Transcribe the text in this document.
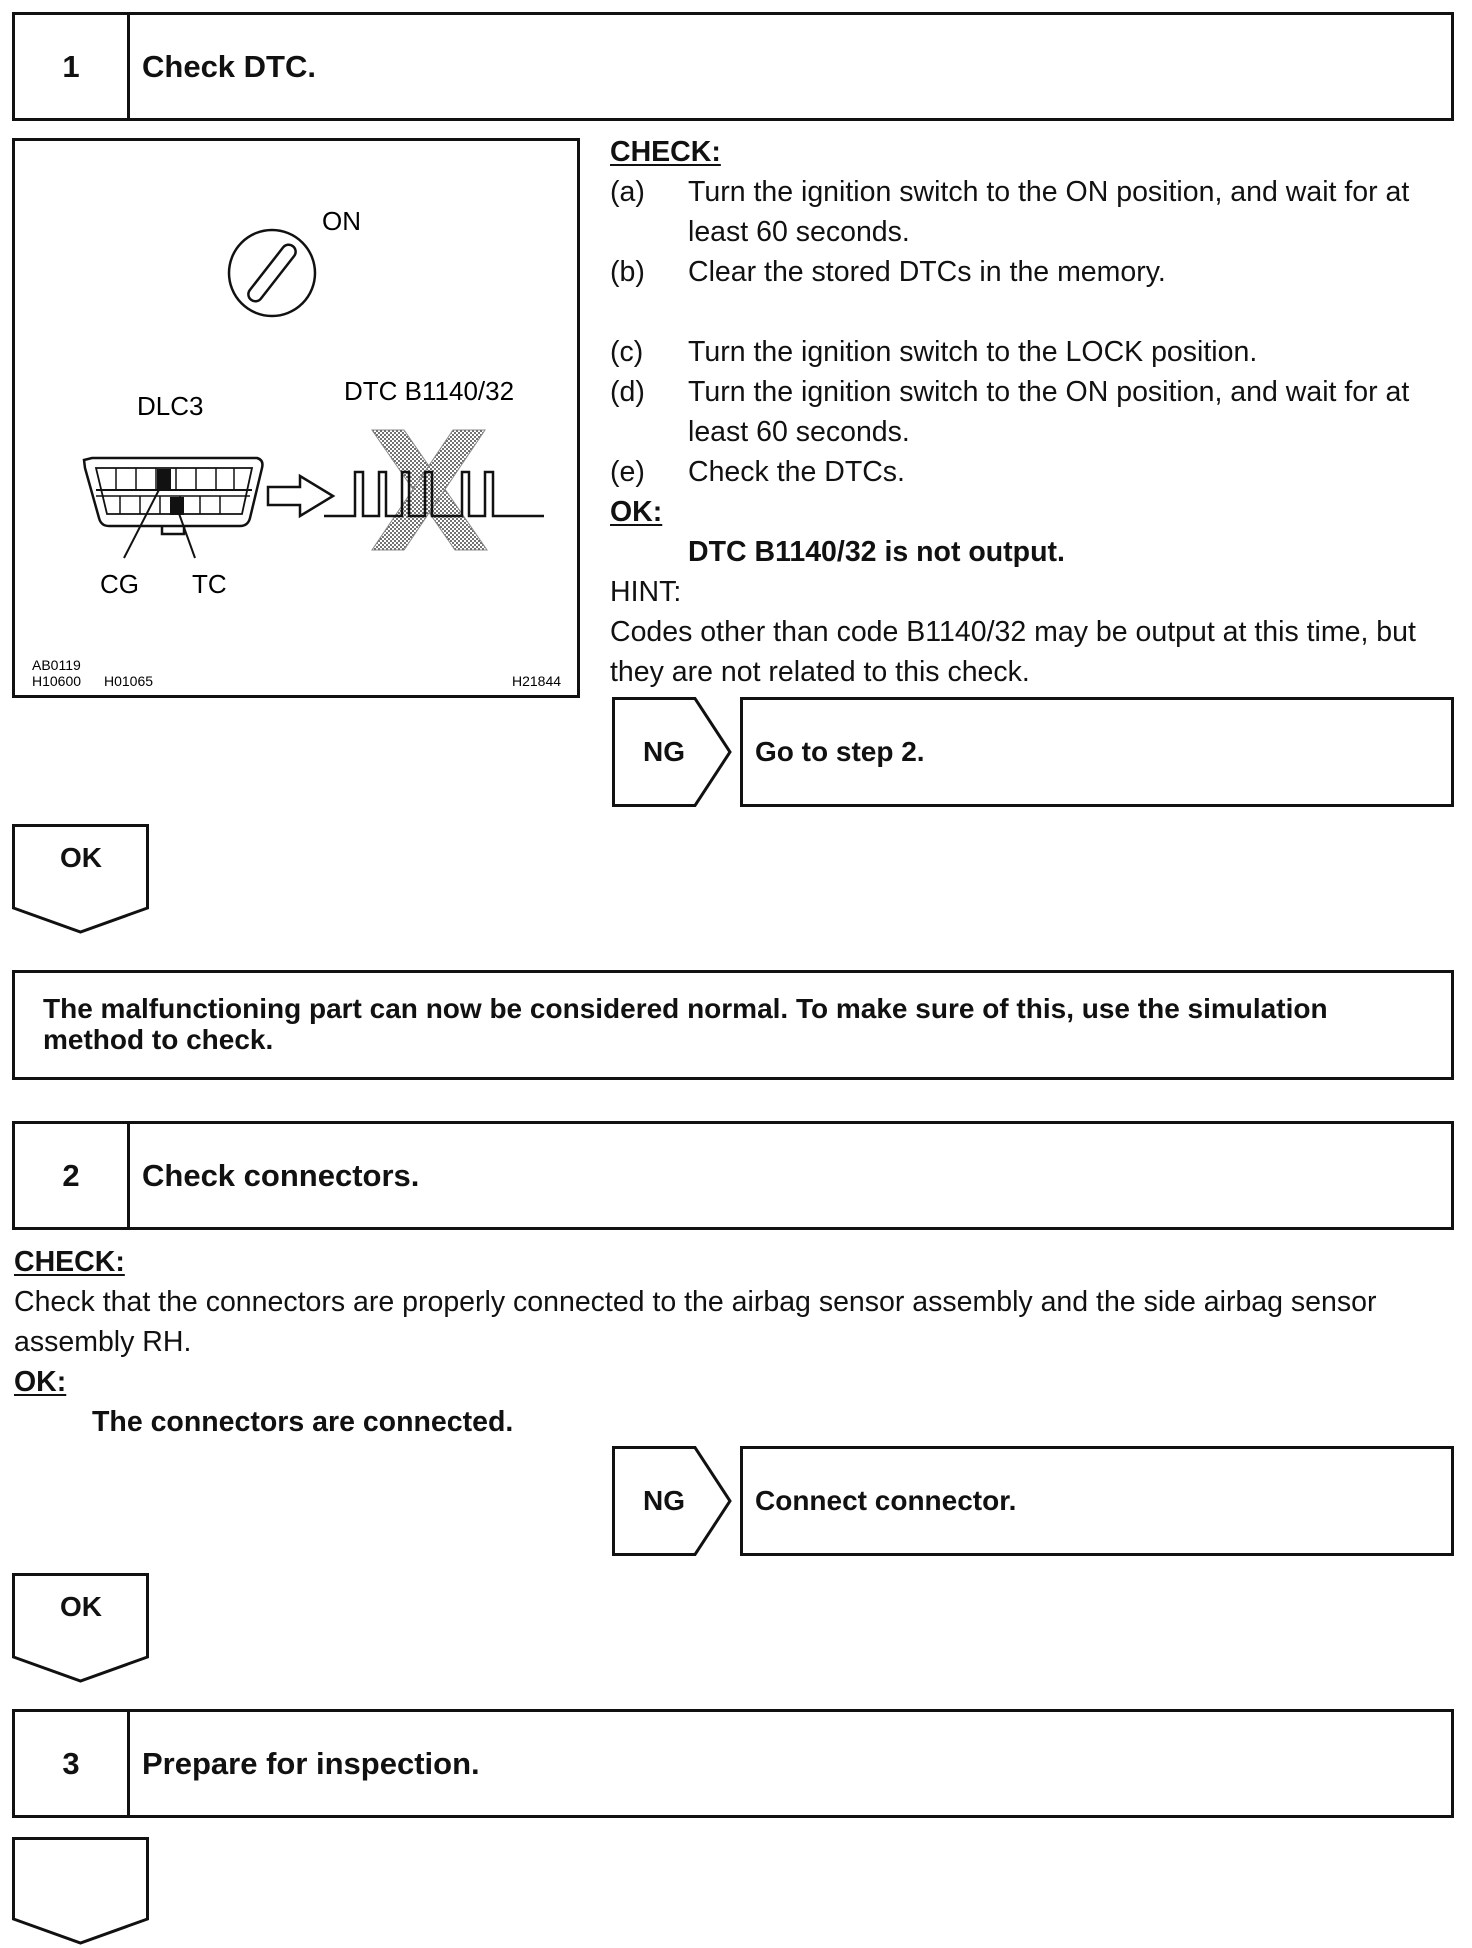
1	Check DTC.
ON
DLC3	DTC B1140/32
CG TC
AB0119
H10600 H01065	H21844
CHECK:
(a) Turn the ignition switch to the ON position, and wait for at
least 60 seconds.
(b) Clear the stored DTCs in the memory.
(c) Turn the ignition switch to the LOCK position.
(d) Turn the ignition switch to the ON position, and wait for at
least 60 seconds.
(e) Check the DTCs.
OK:
DTC B1140/32 is not output.
HINT:
Codes other than code B1140/32 may be output at this time, but
they are not related to this check.
NG	Go to step 2.
OK
The malfunctioning part can now be considered normal. To make sure of this, use the simulation method to check.
2	Check connectors.
CHECK:
Check that the connectors are properly connected to the airbag sensor assembly and the side airbag sensor
assembly RH.
OK:
The connectors are connected.
NG	Connect connector.
OK
3	Prepare for inspection.
